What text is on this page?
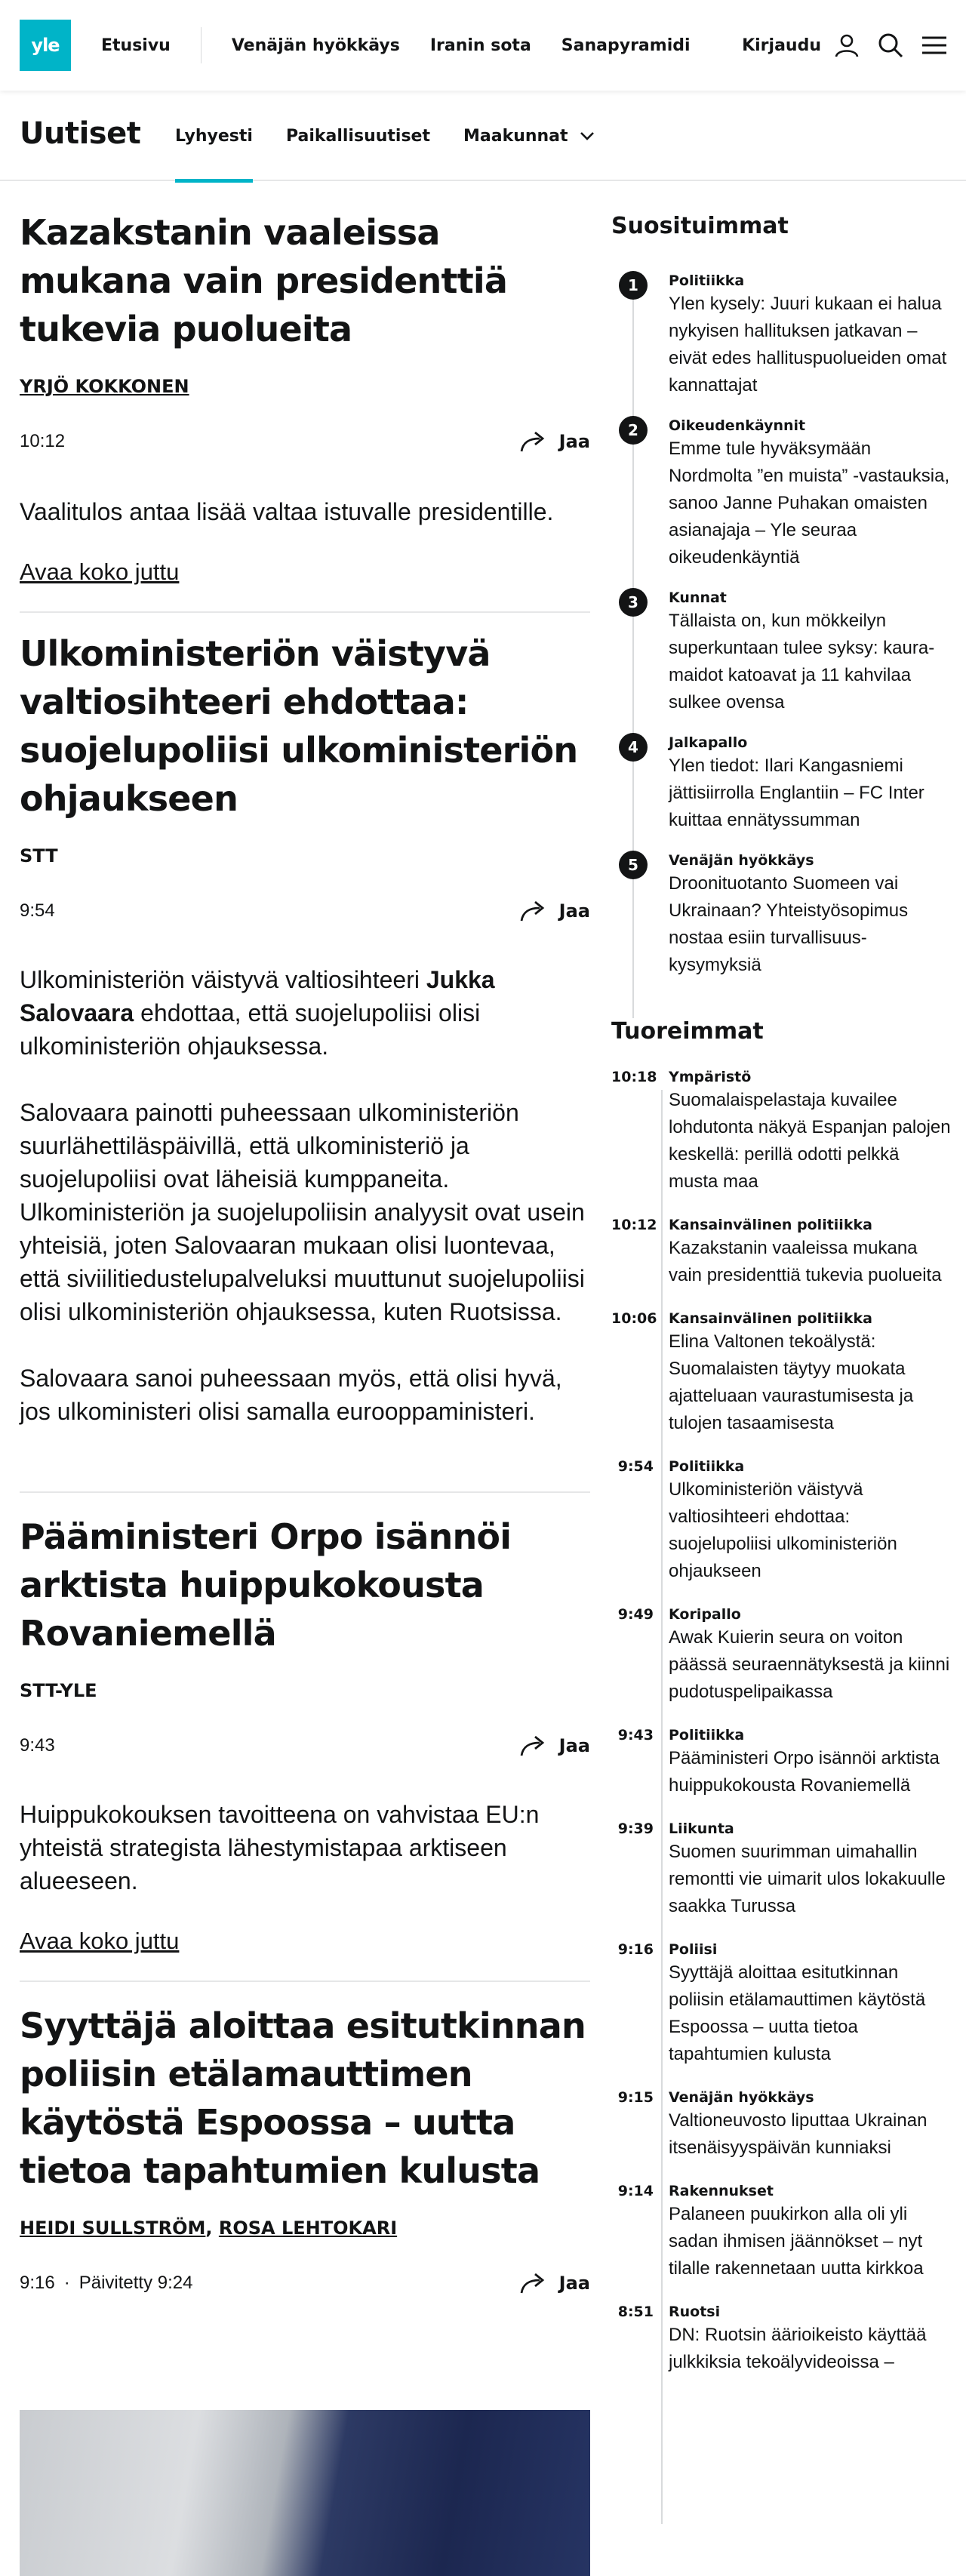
yle	Etusivu	Venäjän hyökkäys Iranin sota Sanapyramidi	Kirjaudu
Uutiset Lyhyesti Paikallisuutiset Maakunnat
Kazakstanin vaaleissa mukana vain presidenttiä tukevia puolueita
YRJÖ KOKKONEN
10:12	Jaa

Vaalitulos antaa lisää valtaa istuvalle presidentille.

Avaa koko juttu
Ulkoministeriön väistyvä valtiosihteeri ehdottaa: suojelupoliisi ulkoministeriön ohjaukseen
STT
9:54	Jaa

Ulkoministeriön väistyvä valtiosihteeri Jukka Salovaara ehdottaa, että suojelupoliisi olisi ulkoministeriön ohjauksessa.

Salovaara painotti puheessaan ulkoministeriön suurlähettiläspäivillä, että ulkoministeriö ja suojelupoliisi ovat läheisiä kumppaneita. Ulkoministeriön ja suojelupoliisin analyysit ovat usein yhteisiä, joten Salovaaran mukaan olisi luontevaa, että siviilitiedustelupalveluksi muuttunut suojelupoliisi olisi ulkoministeriön ohjauksessa, kuten Ruotsissa.

Salovaara sanoi puheessaan myös, että olisi hyvä, jos ulkoministeri olisi samalla eurooppaministeri.

Pääministeri Orpo isännöi arktista huippukokousta Rovaniemellä
STT-YLE
9:43	Jaa

Huippukokouksen tavoitteena on vahvistaa EU:n yhteistä strategista lähestymistapaa arktiseen alueeseen.

Avaa koko juttu
Syyttäjä aloittaa esitutkinnan poliisin etälamauttimen käytöstä Espoossa – uutta tietoa tapahtumien kulusta
HEIDI SULLSTRÖM, ROSA LEHTOKARI
9:16 · Päivitetty 9:24	Jaa
Suosituimmat
1	Politiikka
Ylen kysely: Juuri kukaan ei halua nykyisen hallituksen jatkavan – eivät edes hallituspuolueiden omat kannattajat
2	Oikeudenkäynnit
Emme tule hyväksymään Nordmolta ”en muista” -vastauksia, sanoo Janne Puhakan omaisten asianajaja – Yle seuraa oikeudenkäyntiä
3	Kunnat
Tällaista on, kun mökkeilyn superkuntaan tulee syksy: kaura-maidot katoavat ja 11 kahvilaa sulkee ovensa
4	Jalkapallo
Ylen tiedot: Ilari Kangasniemi jättisiirrolla Englantiin – FC Inter kuittaa ennätyssumman
5	Venäjän hyökkäys
Droonituotanto Suomeen vai Ukrainaan? Yhteistyösopimus nostaa esiin turvallisuus-kysymyksiä
Tuoreimmat
10:18 Ympäristö
Suomalaispelastaja kuvailee lohdutonta näkyä Espanjan palojen keskellä: perillä odotti pelkkä musta maa
10:12 Kansainvälinen politiikka
Kazakstanin vaaleissa mukana vain presidenttiä tukevia puolueita
10:06 Kansainvälinen politiikka
Elina Valtonen tekoälystä: Suomalaisten täytyy muokata ajatteluaan vaurastumisesta ja tulojen tasaamisesta
9:54 Politiikka
Ulkoministeriön väistyvä valtiosihteeri ehdottaa: suojelupoliisi ulkoministeriön ohjaukseen
9:49 Koripallo
Awak Kuierin seura on voiton päässä seuraennätyksestä ja kiinni pudotuspelipaikassa
9:43 Politiikka
Pääministeri Orpo isännöi arktista huippukokousta Rovaniemellä
9:39 Liikunta
Suomen suurimman uimahallin remontti vie uimarit ulos lokakuulle saakka Turussa
9:16 Poliisi
Syyttäjä aloittaa esitutkinnan poliisin etälamauttimen käytöstä Espoossa – uutta tietoa tapahtumien kulusta
9:15 Venäjän hyökkäys
Valtioneuvosto liputtaa Ukrainan itsenäisyyspäivän kunniaksi
9:14 Rakennukset
Palaneen puukirkon alla oli yli sadan ihmisen jäännökset – nyt tilalle rakennetaan uutta kirkkoa
8:51 Ruotsi
DN: Ruotsin äärioikeisto käyttää julkkiksia tekoälyvideoissa –
